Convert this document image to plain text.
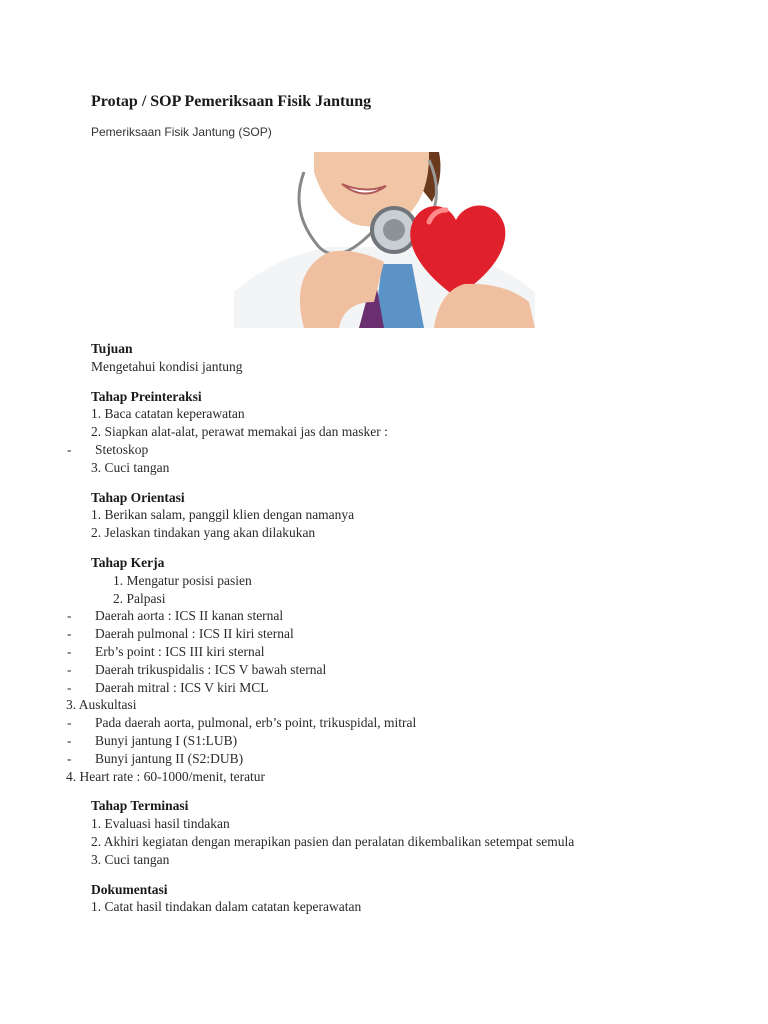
Protap / SOP Pemeriksaan Fisik Jantung
Pemeriksaan Fisik Jantung (SOP)
Tujuan
Mengetahui kondisi jantung
Tahap Preinteraksi
1. Baca catatan keperawatan
2. Siapkan alat-alat, perawat memakai jas dan masker :
- Stetoskop
3. Cuci tangan
Tahap Orientasi
1. Berikan salam, panggil klien dengan namanya
2. Jelaskan tindakan yang akan dilakukan
Tahap Kerja
1. Mengatur posisi pasien
2. Palpasi
- Daerah aorta : ICS II kanan sternal
- Daerah pulmonal : ICS II kiri sternal
- Erb’s point : ICS III kiri sternal
- Daerah trikuspidalis : ICS V bawah sternal
- Daerah mitral : ICS V kiri MCL
3. Auskultasi
- Pada daerah aorta, pulmonal, erb’s point, trikuspidal, mitral
- Bunyi jantung I (S1:LUB)
- Bunyi jantung II (S2:DUB)
4. Heart rate : 60-1000/menit, teratur
Tahap Terminasi
1. Evaluasi hasil tindakan
2. Akhiri kegiatan dengan merapikan pasien dan peralatan dikembalikan setempat semula
3. Cuci tangan
Dokumentasi
1. Catat hasil tindakan dalam catatan keperawatan
